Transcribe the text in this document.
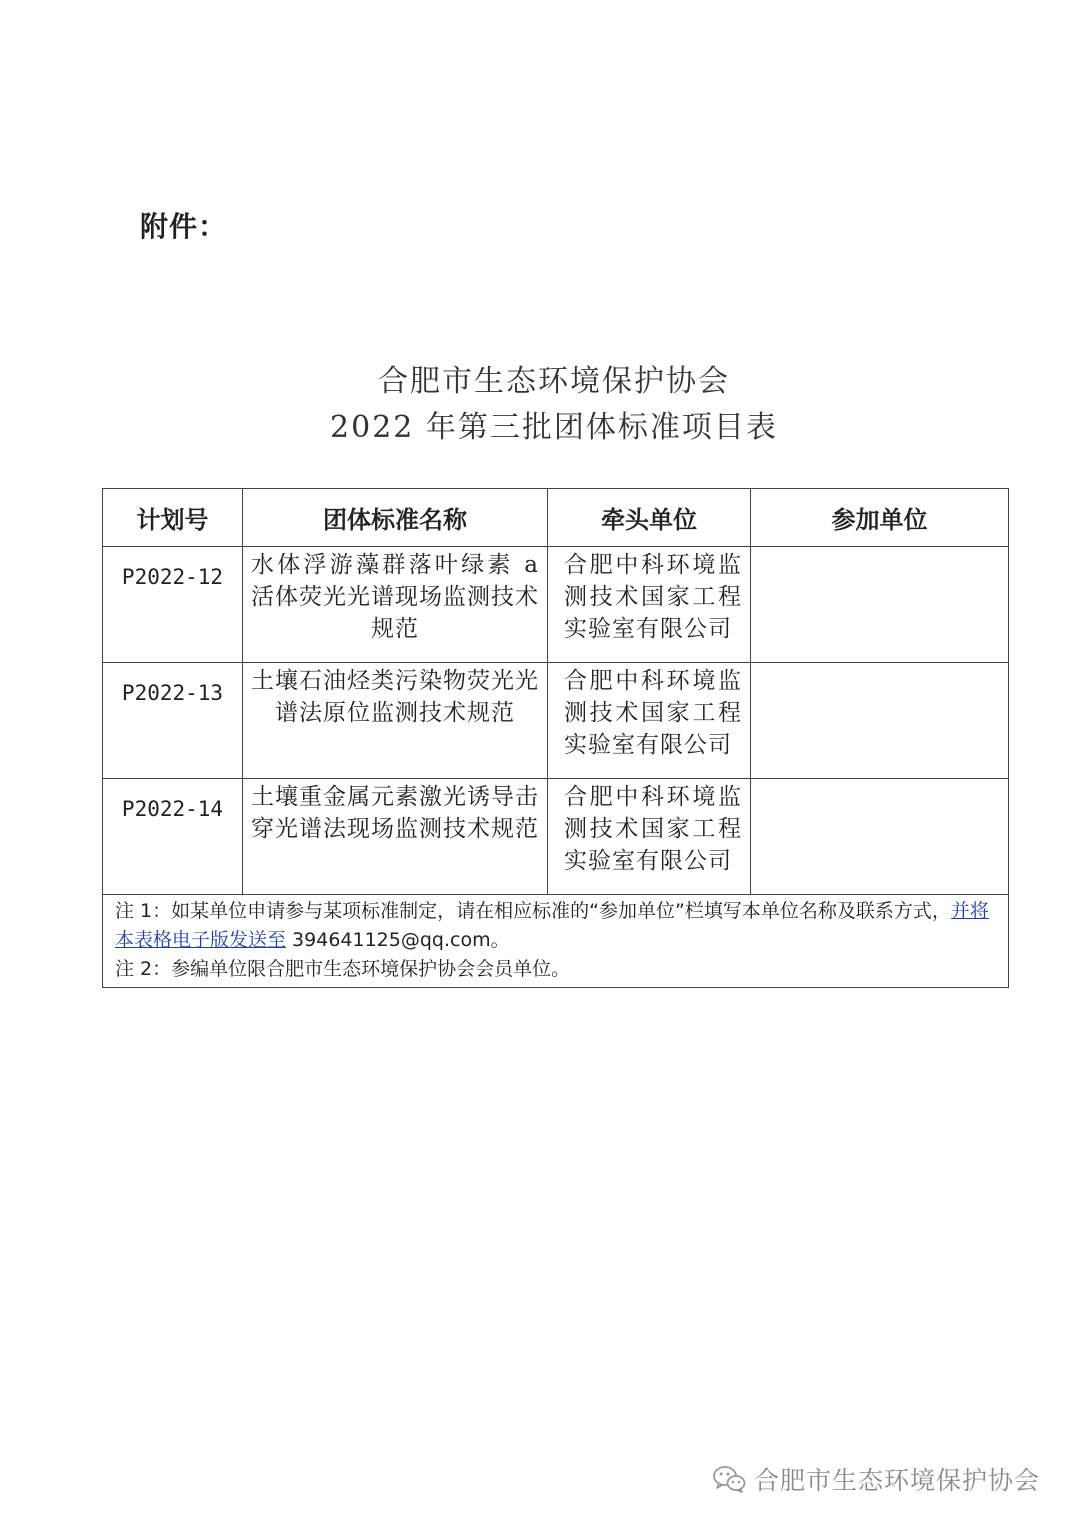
附件：
合肥市生态环境保护协会
2022 年第三批团体标准项目表
计划号	团体标准名称	牵头单位	参加单位
P2022-12	水体浮游藻群落叶绿素 a 活体荧光光谱现场监测技术规范	合肥中科环境监测技术国家工程实验室有限公司	
P2022-13	土壤石油烃类污染物荧光光谱法原位监测技术规范	合肥中科环境监测技术国家工程实验室有限公司	
P2022-14	土壤重金属元素激光诱导击穿光谱法现场监测技术规范	合肥中科环境监测技术国家工程实验室有限公司	

注 1：如某单位申请参与某项标准制定，请在相应标准的“参加单位”栏填写本单位名称及联系方式，并将本表格电子版发送至 394641125@qq.com。
注 2：参编单位限合肥市生态环境保护协会会员单位。			
合肥市生态环境保护协会
